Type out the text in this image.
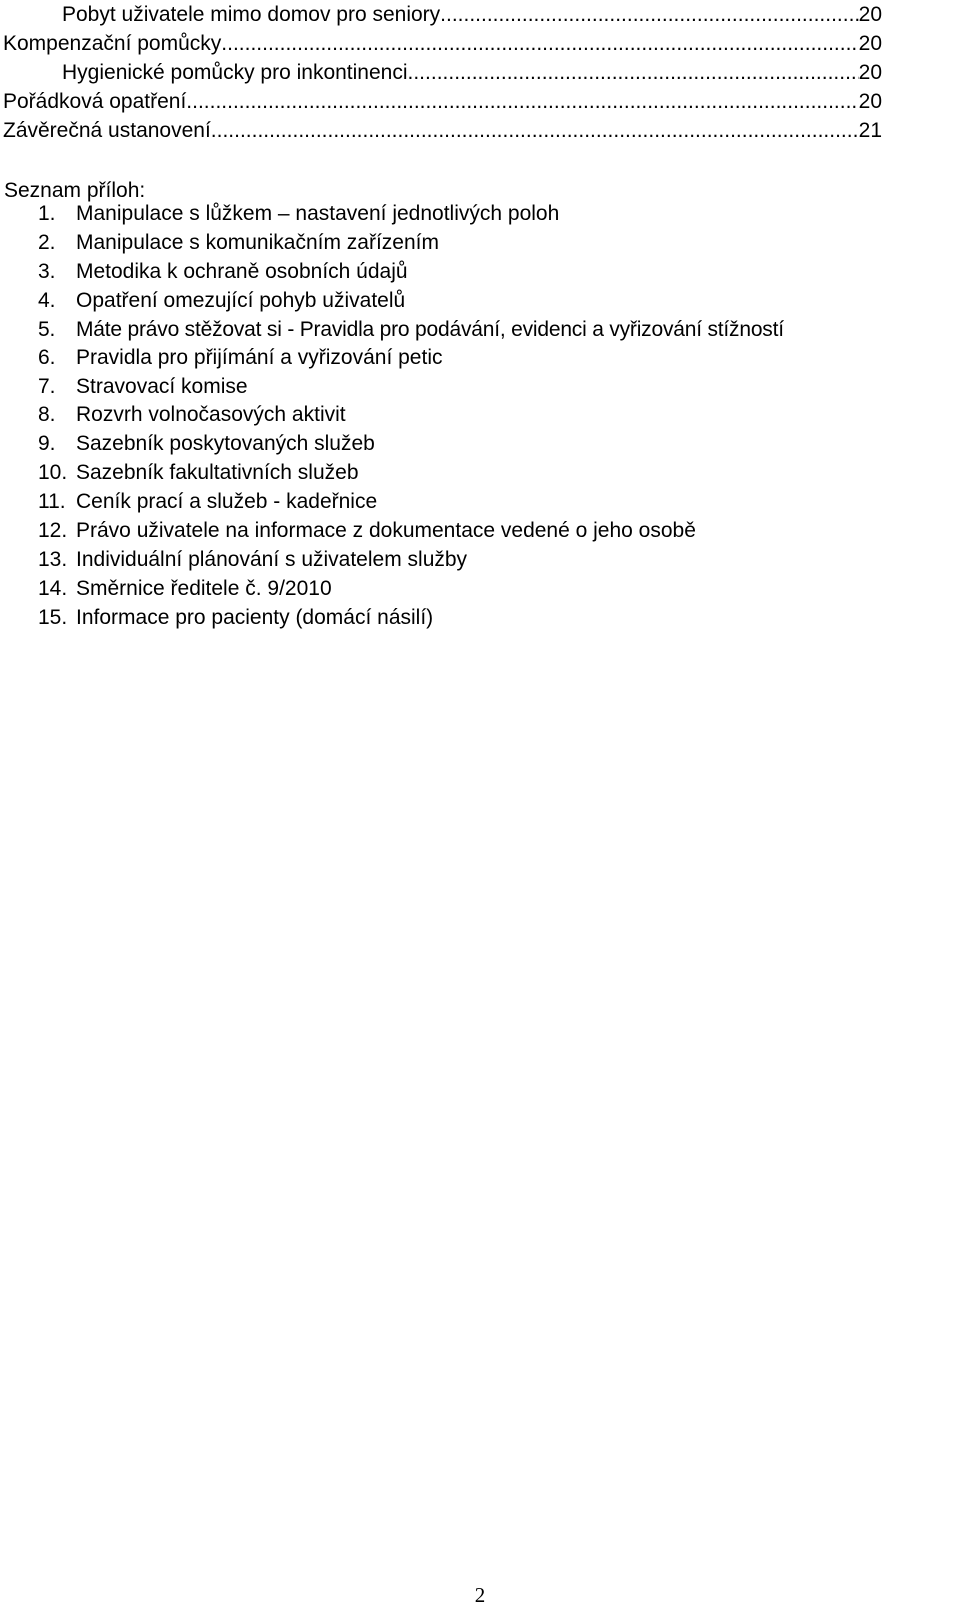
Pobyt uživatele mimo domov pro seniory .....	20
Kompenzační pomůcky .....	20
Hygienické pomůcky pro inkontinenci .....	20
Pořádková opatření .....	20
Závěrečná ustanovení .....	21
Seznam příloh:
1. Manipulace s lůžkem – nastavení jednotlivých poloh
2. Manipulace s komunikačním zařízením
3. Metodika k ochraně osobních údajů
4. Opatření omezující pohyb uživatelů
5. Máte právo stěžovat si - Pravidla pro podávání, evidenci a vyřizování stížností
6. Pravidla pro přijímání a vyřizování petic
7. Stravovací komise
8. Rozvrh volnočasových aktivit
9. Sazebník poskytovaných služeb
10. Sazebník fakultativních služeb
11. Ceník prací a služeb - kadeřnice
12. Právo uživatele na informace z dokumentace vedené o jeho osobě
13. Individuální plánování s uživatelem služby
14. Směrnice ředitele č. 9/2010
15. Informace pro pacienty (domácí násilí)
2
